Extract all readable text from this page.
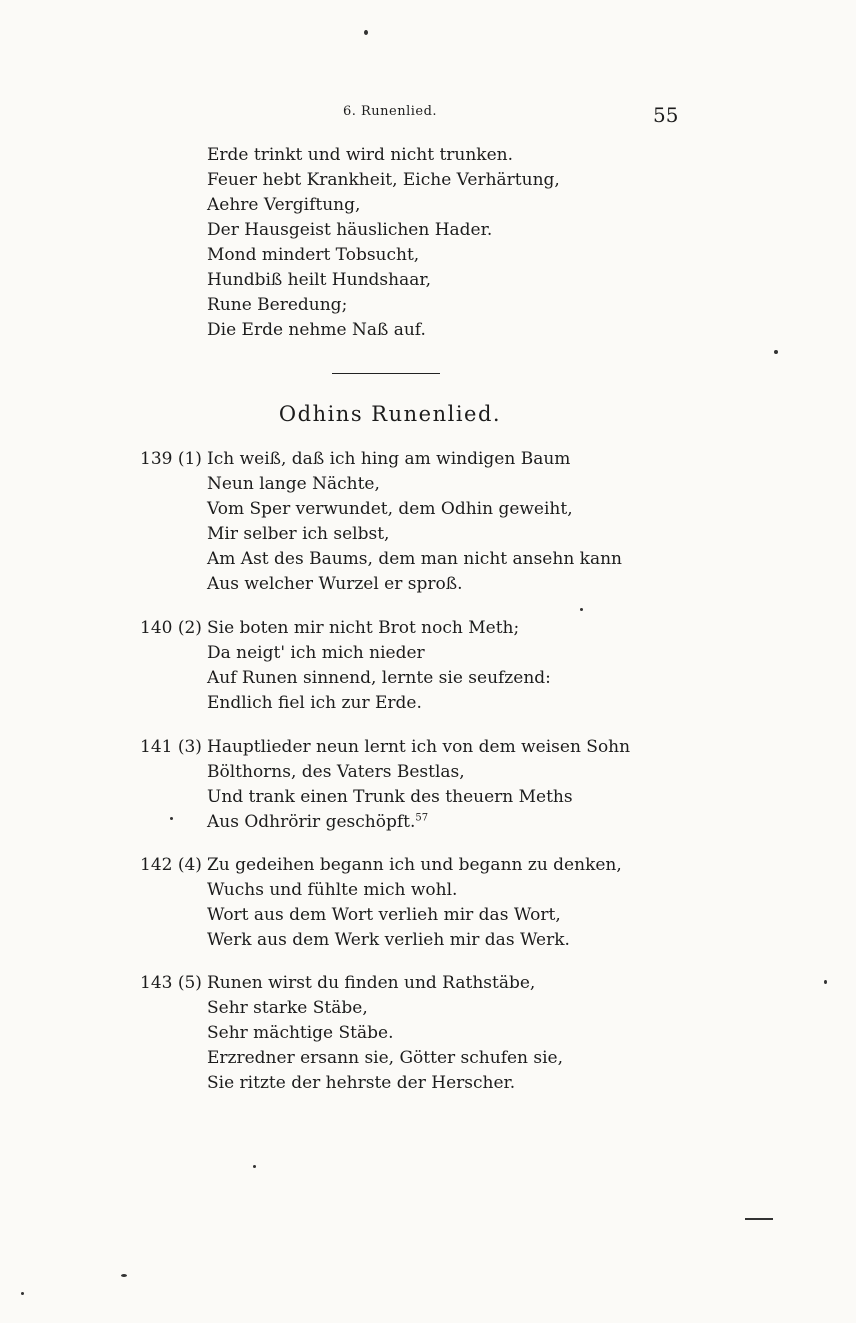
6. Runenlied.	55
Erde trinkt und wird nicht trunken.
Feuer hebt Krankheit, Eiche Verhärtung,
Aehre Vergiftung,
Der Hausgeist häuslichen Hader.
Mond mindert Tobsucht,
Hundbiß heilt Hundshaar,
Rune Beredung;
Die Erde nehme Naß auf.
Odhins Runenlied.
139 (1) Ich weiß, daß ich hing am windigen Baum
Neun lange Nächte,
Vom Sper verwundet, dem Odhin geweiht,
Mir selber ich selbst,
Am Ast des Baums, dem man nicht ansehn kann
Aus welcher Wurzel er sproß.
140 (2) Sie boten mir nicht Brot noch Meth;
Da neigt' ich mich nieder
Auf Runen sinnend, lernte sie seufzend:
Endlich fiel ich zur Erde.
141 (3) Hauptlieder neun lernt ich von dem weisen Sohn
Bölthorns, des Vaters Bestlas,
Und trank einen Trunk des theuern Meths
Aus Odhrörir geschöpft.$^{57}$
142 (4) Zu gedeihen begann ich und begann zu denken,
Wuchs und fühlte mich wohl.
Wort aus dem Wort verlieh mir das Wort,
Werk aus dem Werk verlieh mir das Werk.
143 (5) Runen wirst du finden und Rathstäbe,
Sehr starke Stäbe,
Sehr mächtige Stäbe.
Erzredner ersann sie, Götter schufen sie,
Sie ritzte der hehrste der Herscher.
